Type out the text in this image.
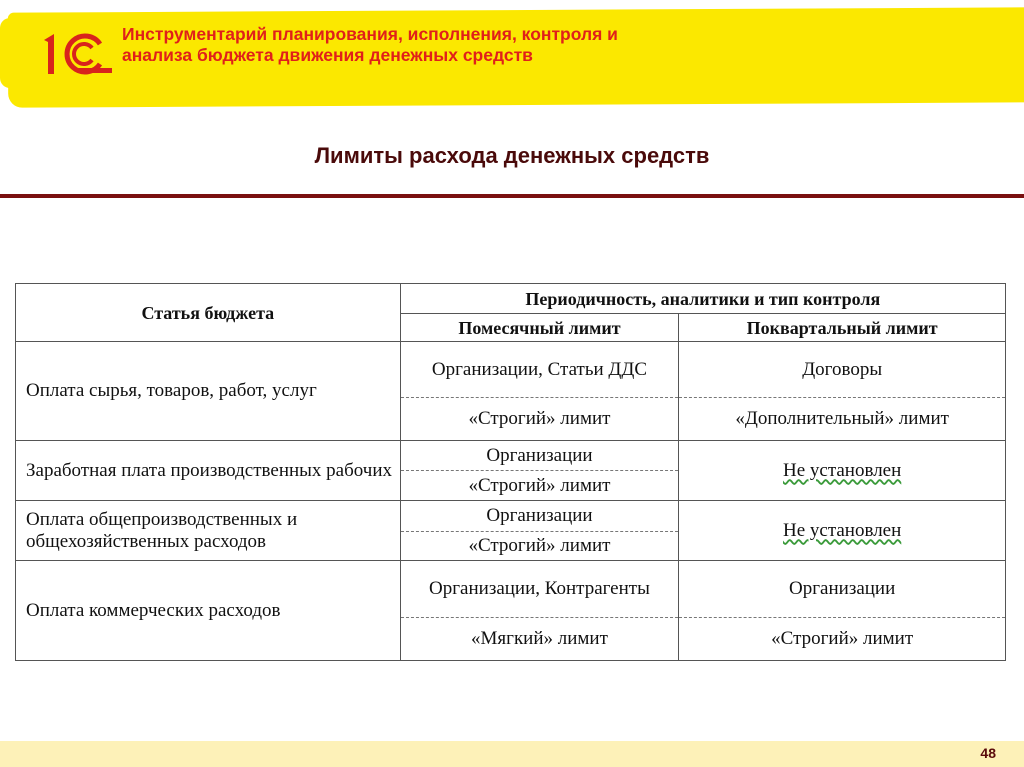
Инструментарий планирования, исполнения, контроля и анализа бюджета движения денежных средств
Лимиты расхода денежных средств
Статья бюджета	Периодичность, аналитики и тип контроля	
	Помесячный лимит	Поквартальный лимит
Оплата сырья, товаров, работ, услуг	Организации, Статьи ДДС	Договоры
	«Строгий» лимит	«Дополнительный» лимит
Заработная плата производственных рабочих	Организации	Не установлен
	«Строгий» лимит	
Оплата общепроизводственных и общехозяйственных расходов	Организации	Не установлен
	«Строгий» лимит	
Оплата коммерческих расходов	Организации, Контрагенты	Организации
	«Мягкий» лимит	«Строгий» лимит
48
